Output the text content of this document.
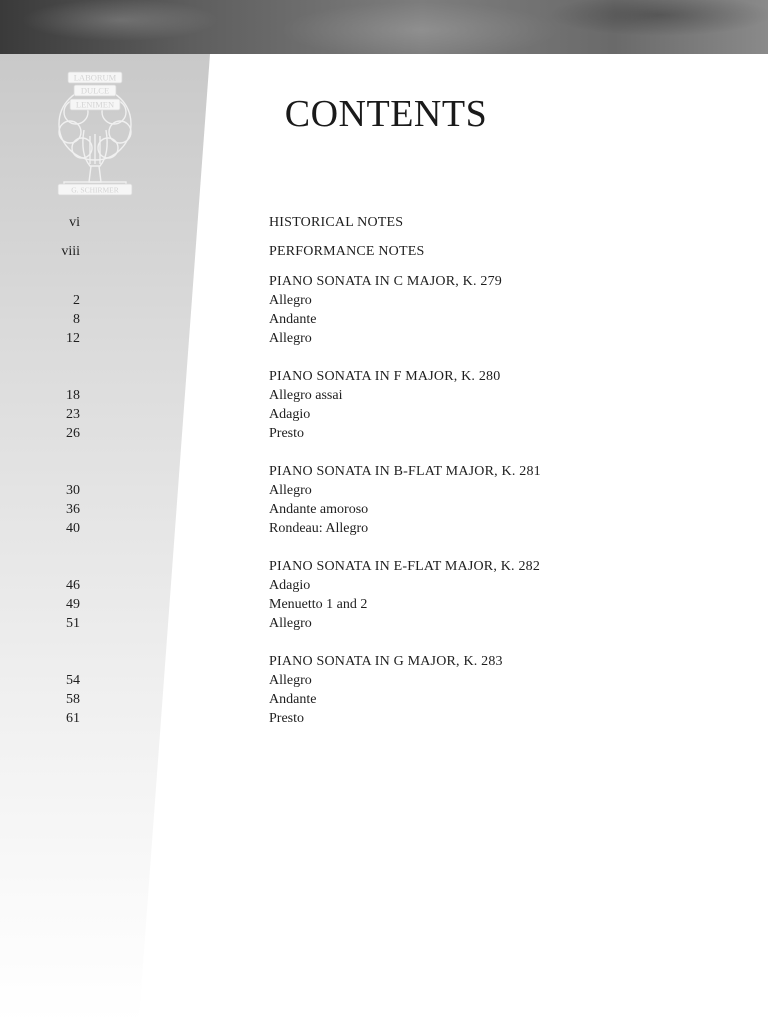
LABORUM
DULCE
LENIMEN
G. SCHIRMER
CONTENTS
vi	HISTORICAL NOTES
viii	PERFORMANCE NOTES
PIANO SONATA IN C MAJOR, K. 279
2	Allegro
8	Andante
12	Allegro
PIANO SONATA IN F MAJOR, K. 280
18	Allegro assai
23	Adagio
26	Presto
PIANO SONATA IN B-FLAT MAJOR, K. 281
30	Allegro
36	Andante amoroso
40	Rondeau: Allegro
PIANO SONATA IN E-FLAT MAJOR, K. 282
46	Adagio
49	Menuetto 1 and 2
51	Allegro
PIANO SONATA IN G MAJOR, K. 283
54	Allegro
58	Andante
61	Presto
